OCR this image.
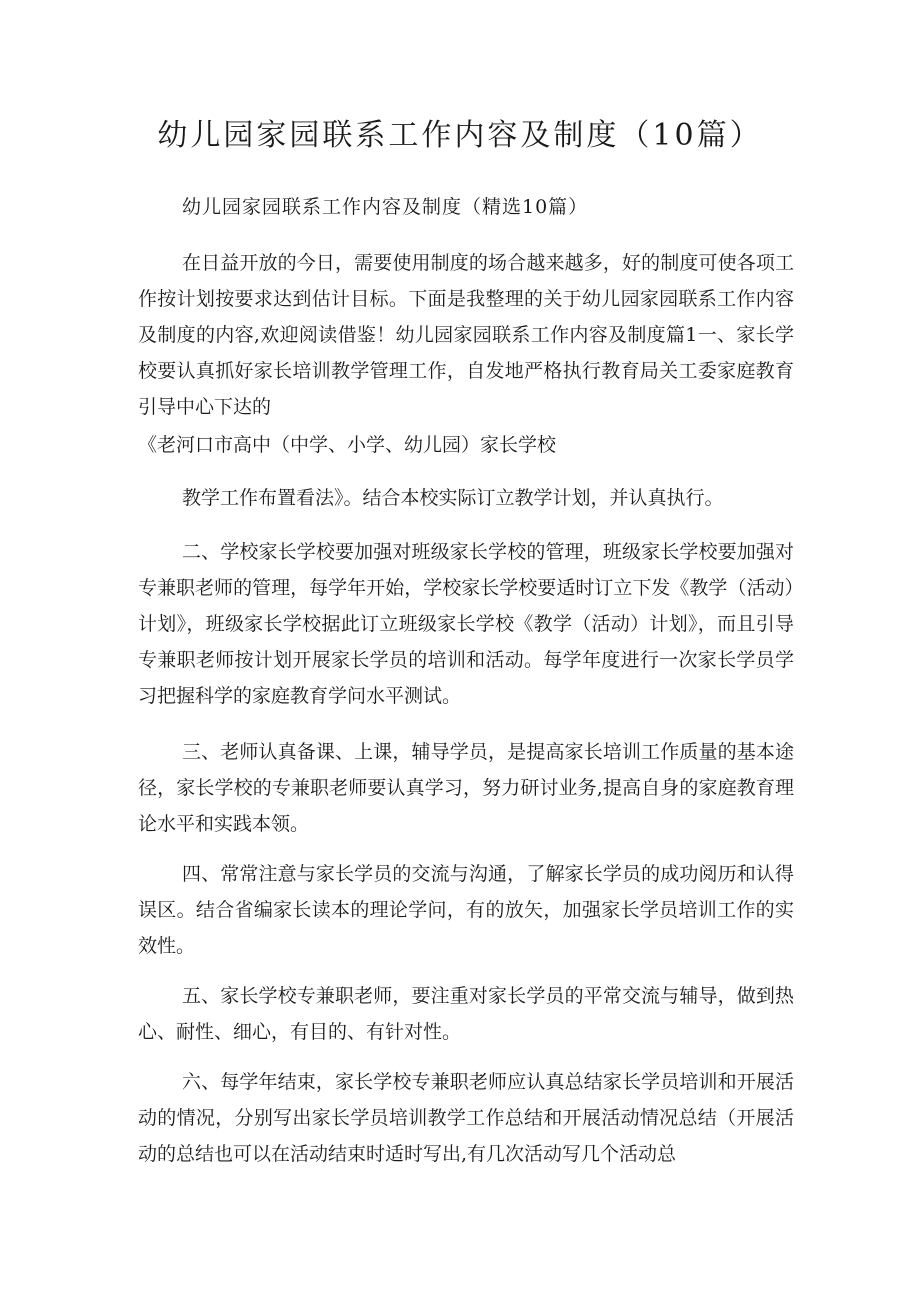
幼儿园家园联系工作内容及制度（10篇）

幼儿园家园联系工作内容及制度（精选10篇）

在日益开放的今日，需要使用制度的场合越来越多，好的制度可使各项工作按计划按要求达到估计目标。下面是我整理的关于幼儿园家园联系工作内容及制度的内容,欢迎阅读借鉴！幼儿园家园联系工作内容及制度篇1一、家长学校要认真抓好家长培训教学管理工作，自发地严格执行教育局关工委家庭教育引导中心下达的

《老河口市高中（中学、小学、幼儿园）家长学校

教学工作布置看法》。结合本校实际订立教学计划，并认真执行。

二、学校家长学校要加强对班级家长学校的管理，班级家长学校要加强对专兼职老师的管理，每学年开始，学校家长学校要适时订立下发《教学（活动）计划》，班级家长学校据此订立班级家长学校《教学（活动）计划》，而且引导专兼职老师按计划开展家长学员的培训和活动。每学年度进行一次家长学员学习把握科学的家庭教育学问水平测试。

三、老师认真备课、上课，辅导学员，是提高家长培训工作质量的基本途径，家长学校的专兼职老师要认真学习，努力研讨业务,提高自身的家庭教育理论水平和实践本领。

四、常常注意与家长学员的交流与沟通，了解家长学员的成功阅历和认得误区。结合省编家长读本的理论学问，有的放矢，加强家长学员培训工作的实效性。

五、家长学校专兼职老师，要注重对家长学员的平常交流与辅导，做到热心、耐性、细心，有目的、有针对性。

六、每学年结束，家长学校专兼职老师应认真总结家长学员培训和开展活动的情况，分别写出家长学员培训教学工作总结和开展活动情况总结（开展活动的总结也可以在活动结束时适时写出,有几次活动写几个活动总
